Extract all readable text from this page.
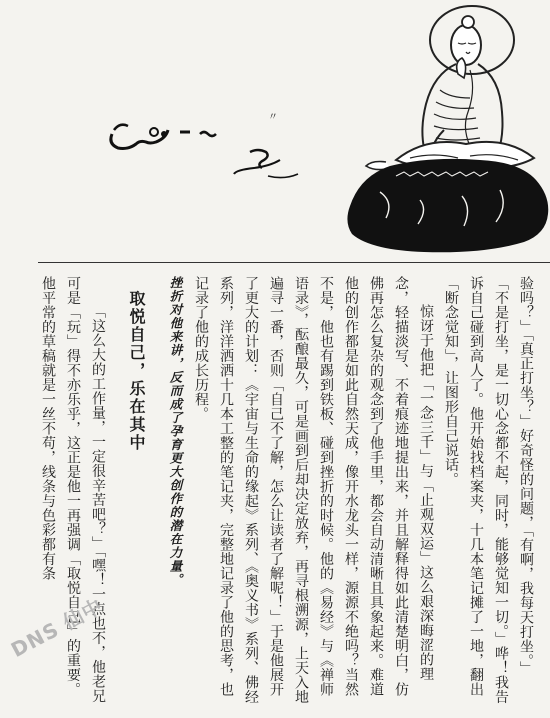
〃

验吗？」「真正打坐？」好奇怪的问题，「有啊，我每天打坐。」

「不是打坐，是一切心念都不起，同时，能够觉知一切。」哗！我告诉自己碰到高人了。他开始找档案夹，十几本笔记摊了一地，翻出「断念觉知」，让图形自己说话。

惊讶于他把「一念三千」与「止观双运」这么艰深晦涩的理念，轻描淡写、不着痕迹地提出来，并且解释得如此清楚明白，仿佛再怎么复杂的观念到了他手里，都会自动清晰且具象起来。难道他的创作都是如此自然天成，像开水龙头一样，源源不绝吗？当然不是，他也有踢到铁板、碰到挫折的时候。他的《易经》与《禅师语录》，酝酿最久，可是画到后却决定放弃，再寻根溯源，上天入地遍寻一番，否则「自己不了解，怎么让读者了解呢！」于是他展开了更大的计划：《宇宙与生命的缘起》系列、《奥义书》系列、佛经系列，洋洋洒洒十几本工整的笔记夹，完整地记录了他的思考，也记录了他的成长历程。

挫折对他来讲，反而成了孕育更大创作的潜在力量。

取悦自己，乐在其中

「这么大的工作量，一定很辛苦吧？」「嘿！一点也不，他老兄可是「玩」得不亦乐乎，这正是他一再强调「取悦自己」的重要。他平常的草稿就是一丝不苟，线条与色彩都有条

DNS 仙中
